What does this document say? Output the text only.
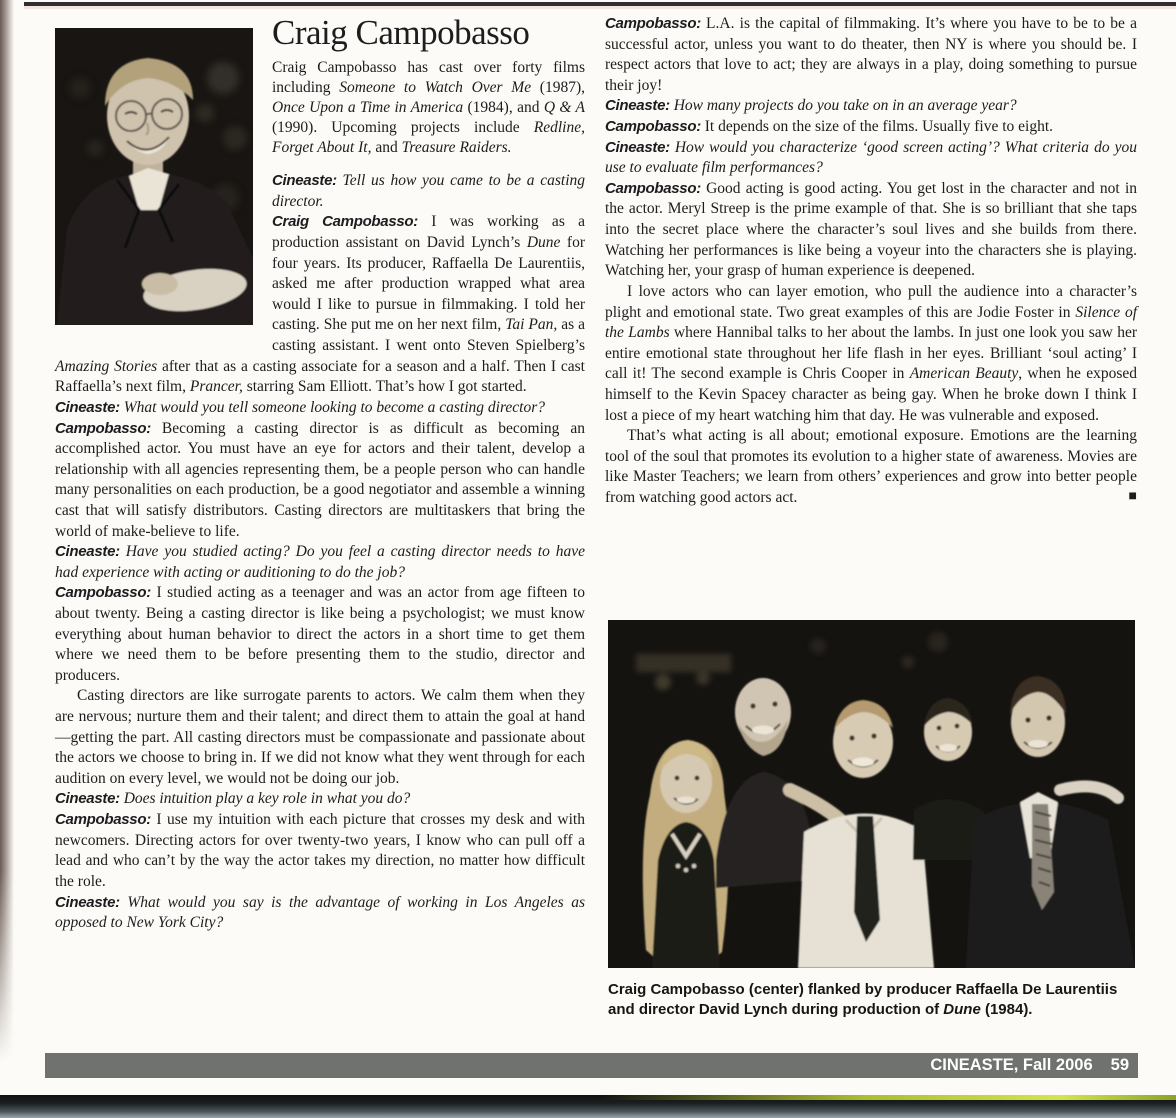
Craig Campobasso

Craig Campobasso has cast over forty films including Someone to Watch Over Me (1987), Once Upon a Time in America (1984), and Q & A (1990). Upcoming projects include Redline, Forget About It, and Treasure Raiders.

Cineaste: Tell us how you came to be a casting director.

Craig Campobasso: I was working as a production assistant on David Lynch’s Dune for four years. Its producer, Raffaella De Laurentiis, asked me after production wrapped what area would I like to pursue in filmmaking. I told her casting. She put me on her next film, Tai Pan, as a casting assistant. I went onto Steven Spielberg’s Amazing Stories after that as a casting associate for a season and a half. Then I cast Raffaella’s next film, Prancer, starring Sam Elliott. That’s how I got started.

Cineaste: What would you tell someone looking to become a casting director?

Campobasso: Becoming a casting director is as difficult as becoming an accomplished actor. You must have an eye for actors and their talent, develop a relationship with all agencies representing them, be a people person who can handle many personalities on each production, be a good negotiator and assemble a winning cast that will satisfy distributors. Casting directors are multitaskers that bring the world of make-believe to life.

Cineaste: Have you studied acting? Do you feel a casting director needs to have had experience with acting or auditioning to do the job?

Campobasso: I studied acting as a teenager and was an actor from age fifteen to about twenty. Being a casting director is like being a psychologist; we must know everything about human behavior to direct the actors in a short time to get them where we need them to be before presenting them to the studio, director and producers.

Casting directors are like surrogate parents to actors. We calm them when they are nervous; nurture them and their talent; and direct them to attain the goal at hand—getting the part. All casting directors must be compassionate and passionate about the actors we choose to bring in. If we did not know what they went through for each audition on every level, we would not be doing our job.

Cineaste: Does intuition play a key role in what you do?

Campobasso: I use my intuition with each picture that crosses my desk and with newcomers. Directing actors for over twenty-two years, I know who can pull off a lead and who can’t by the way the actor takes my direction, no matter how difficult the role.

Cineaste: What would you say is the advantage of working in Los Angeles as opposed to New York City?

Campobasso: L.A. is the capital of filmmaking. It’s where you have to be to be a successful actor, unless you want to do theater, then NY is where you should be. I respect actors that love to act; they are always in a play, doing something to pursue their joy!

Cineaste: How many projects do you take on in an average year?

Campobasso: It depends on the size of the films. Usually five to eight.

Cineaste: How would you characterize ‘good screen acting’? What criteria do you use to evaluate film performances?

Campobasso: Good acting is good acting. You get lost in the character and not in the actor. Meryl Streep is the prime example of that. She is so brilliant that she taps into the secret place where the character’s soul lives and she builds from there. Watching her performances is like being a voyeur into the characters she is playing. Watching her, your grasp of human experience is deepened.

I love actors who can layer emotion, who pull the audience into a character’s plight and emotional state. Two great examples of this are Jodie Foster in Silence of the Lambs where Hannibal talks to her about the lambs. In just one look you saw her entire emotional state throughout her life flash in her eyes. Brilliant ‘soul acting’ I call it! The second example is Chris Cooper in American Beauty, when he exposed himself to the Kevin Spacey character as being gay. When he broke down I think I lost a piece of my heart watching him that day. He was vulnerable and exposed.

That’s what acting is all about; emotional exposure. Emotions are the learning tool of the soul that promotes its evolution to a higher state of awareness. Movies are like Master Teachers; we learn from others’ experiences and grow into better people from watching good actors act.	■

Craig Campobasso (center) flanked by producer Raffaella De Laurentiis and director David Lynch during production of Dune (1984).

CINEASTE, Fall 2006 59
